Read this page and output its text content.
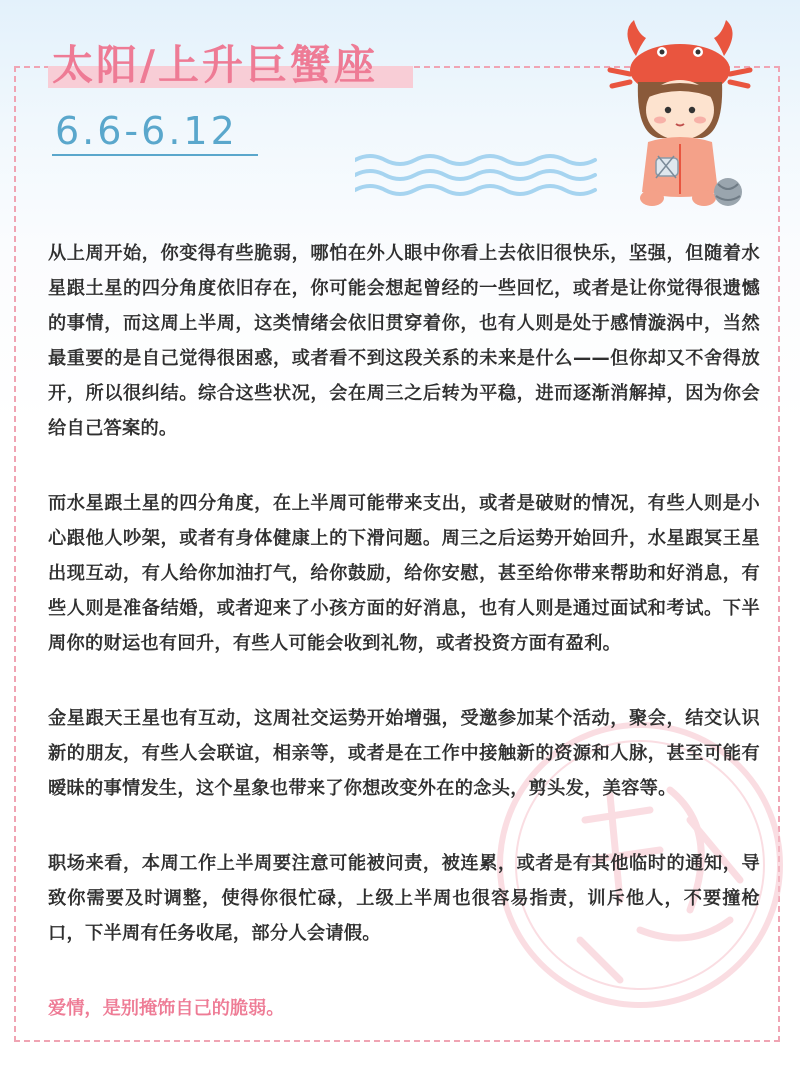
太阳/上升巨蟹座
6.6-6.12

从上周开始，你变得有些脆弱，哪怕在外人眼中你看上去依旧很快乐，坚强，但随着水星跟土星的四分角度依旧存在，你可能会想起曾经的一些回忆，或者是让你觉得很遗憾的事情，而这周上半周，这类情绪会依旧贯穿着你，也有人则是处于感情漩涡中，当然最重要的是自己觉得很困惑，或者看不到这段关系的未来是什么——但你却又不舍得放开，所以很纠结。综合这些状况，会在周三之后转为平稳，进而逐渐消解掉，因为你会给自己答案的。

而水星跟土星的四分角度，在上半周可能带来支出，或者是破财的情况，有些人则是小心跟他人吵架，或者有身体健康上的下滑问题。周三之后运势开始回升，水星跟冥王星出现互动，有人给你加油打气，给你鼓励，给你安慰，甚至给你带来帮助和好消息，有些人则是准备结婚，或者迎来了小孩方面的好消息，也有人则是通过面试和考试。下半周你的财运也有回升，有些人可能会收到礼物，或者投资方面有盈利。

金星跟天王星也有互动，这周社交运势开始增强，受邀参加某个活动，聚会，结交认识新的朋友，有些人会联谊，相亲等，或者是在工作中接触新的资源和人脉，甚至可能有暧昧的事情发生，这个星象也带来了你想改变外在的念头，剪头发，美容等。

职场来看，本周工作上半周要注意可能被问责，被连累，或者是有其他临时的通知，导致你需要及时调整，使得你很忙碌，上级上半周也很容易指责，训斥他人，不要撞枪口，下半周有任务收尾，部分人会请假。

爱情，是别掩饰自己的脆弱。
